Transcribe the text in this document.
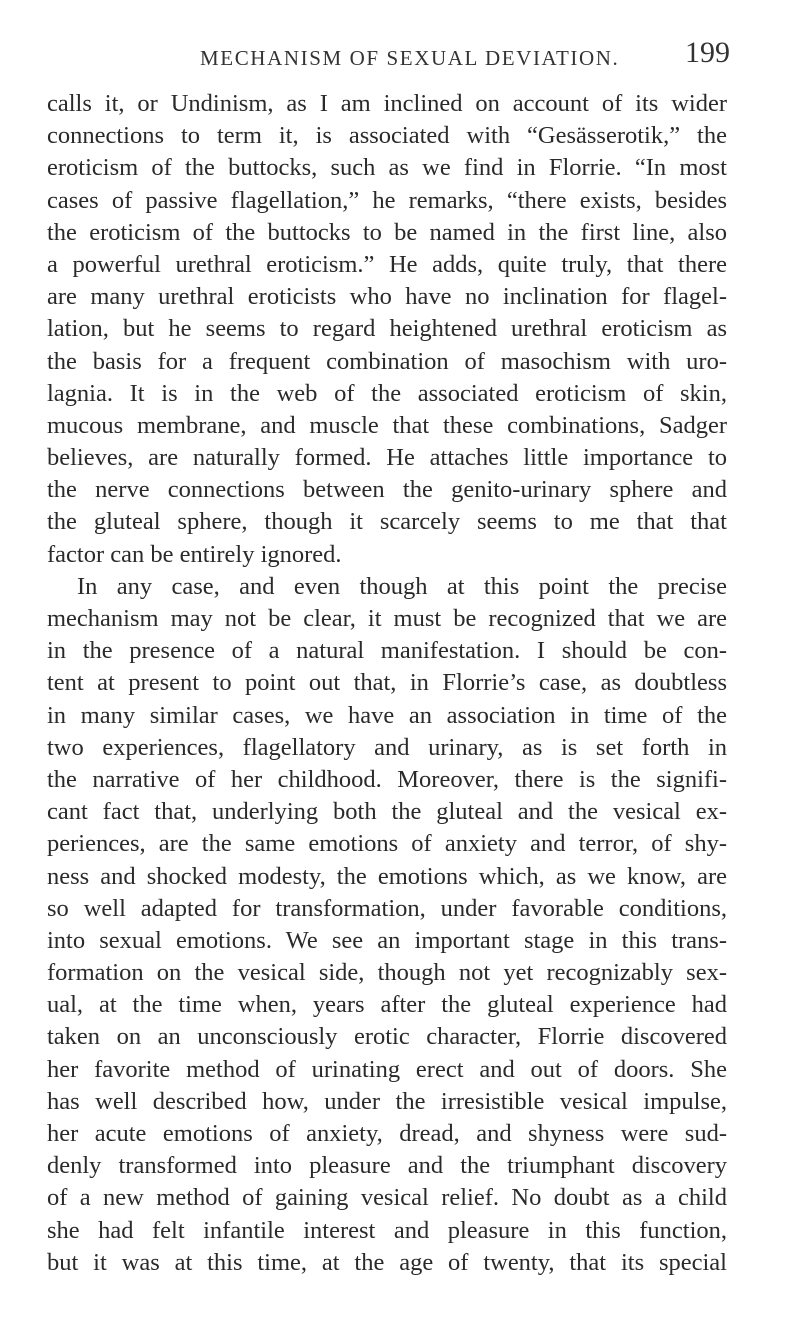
MECHANISM OF SEXUAL DEVIATION. 199
calls it, or Undinism, as I am inclined on account of its wider
connections to term it, is associated with “Gesässerotik,” the
eroticism of the buttocks, such as we find in Florrie. “In most
cases of passive flagellation,” he remarks, “there exists, besides
the eroticism of the buttocks to be named in the first line, also
a powerful urethral eroticism.” He adds, quite truly, that there
are many urethral eroticists who have no inclination for flagel-
lation, but he seems to regard heightened urethral eroticism as
the basis for a frequent combination of masochism with uro-
lagnia. It is in the web of the associated eroticism of skin,
mucous membrane, and muscle that these combinations, Sadger
believes, are naturally formed. He attaches little importance to
the nerve connections between the genito-urinary sphere and
the gluteal sphere, though it scarcely seems to me that that
factor can be entirely ignored.
In any case, and even though at this point the precise
mechanism may not be clear, it must be recognized that we are
in the presence of a natural manifestation. I should be con-
tent at present to point out that, in Florrie’s case, as doubtless
in many similar cases, we have an association in time of the
two experiences, flagellatory and urinary, as is set forth in
the narrative of her childhood. Moreover, there is the signifi-
cant fact that, underlying both the gluteal and the vesical ex-
periences, are the same emotions of anxiety and terror, of shy-
ness and shocked modesty, the emotions which, as we know, are
so well adapted for transformation, under favorable conditions,
into sexual emotions. We see an important stage in this trans-
formation on the vesical side, though not yet recognizably sex-
ual, at the time when, years after the gluteal experience had
taken on an unconsciously erotic character, Florrie discovered
her favorite method of urinating erect and out of doors. She
has well described how, under the irresistible vesical impulse,
her acute emotions of anxiety, dread, and shyness were sud-
denly transformed into pleasure and the triumphant discovery
of a new method of gaining vesical relief. No doubt as a child
she had felt infantile interest and pleasure in this function,
but it was at this time, at the age of twenty, that its special
